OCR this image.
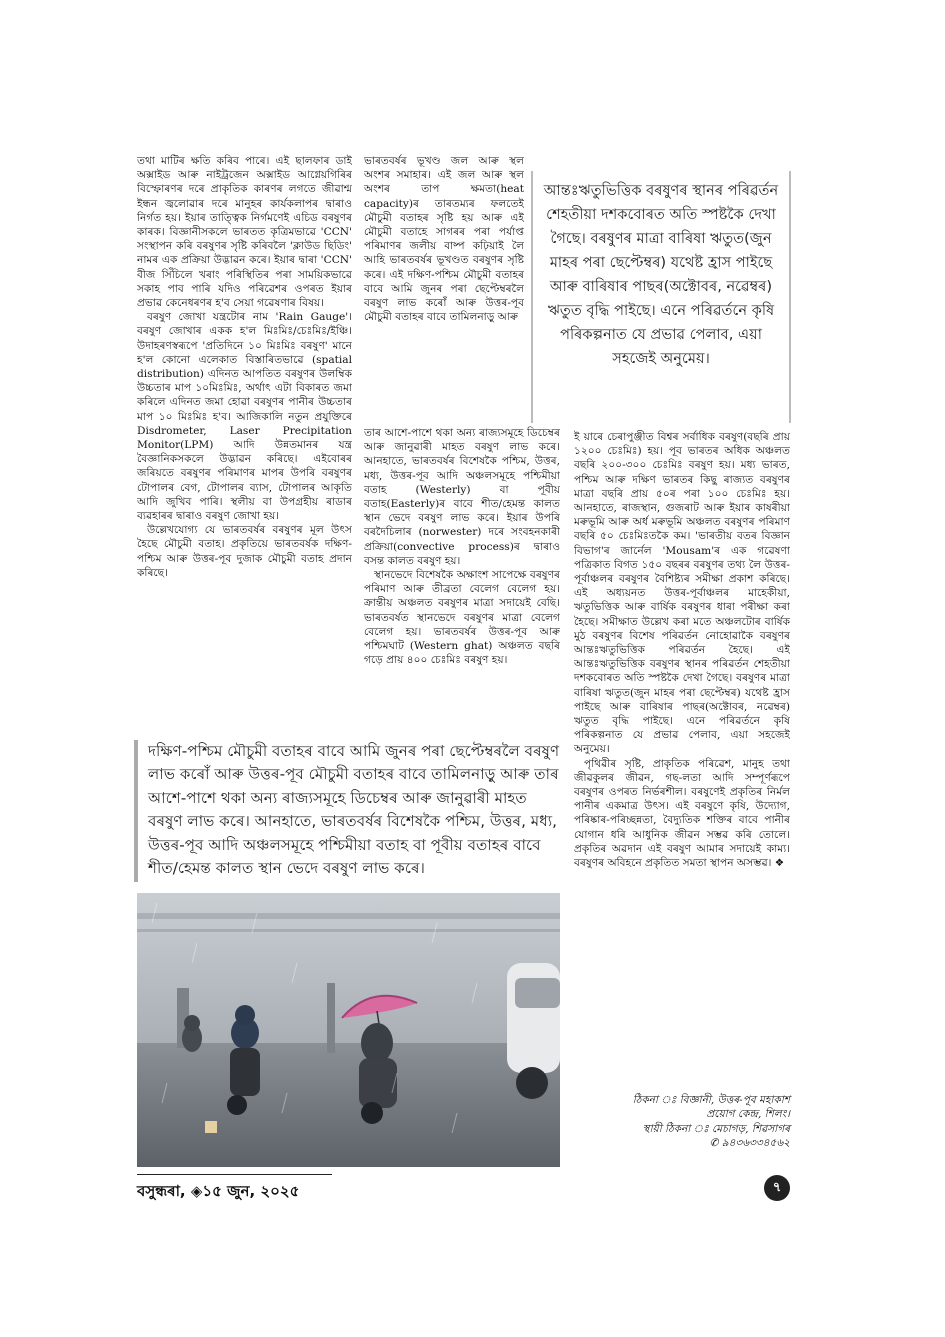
তথা মাটিৰ ক্ষতি কৰিব পাৰে। এই ছালফাৰ ডাই অক্সাইড আৰু নাইট্ৰজেন অক্সাইড আগ্নেয়গিৰিৰ বিস্ফোৰণৰ দৰে প্ৰাকৃতিক কাৰণৰ লগতে জীৱাশ্ম ইন্ধন জ্বলোৱাৰ দৰে মানুহৰ কাৰ্যকলাপৰ দ্বাৰাও নিৰ্গত হয়। ইয়াৰ তাত্ত্বিক নিৰ্গমণেই এচিড বৰষুণৰ কাৰক। বিজ্ঞানীসকলে ভাৰতত কৃত্ৰিমভাৱে 'CCN' সংস্থাপন কৰি বৰষুণৰ সৃষ্টি কৰিবলৈ 'ক্লাউড ছিডিং' নামৰ এক প্ৰক্ৰিয়া উদ্ভাৱন কৰে। ইয়াৰ দ্বাৰা 'CCN' বীজ সিঁচিলে খৰাং পৰিস্থিতিৰ পৰা সাময়িকভাৱে সকাহ পাব পাৰি যদিও পৰিৱেশৰ ওপৰত ইয়াৰ প্ৰভাৱ কেনেধৰণৰ হ'ব সেয়া গৱেষণাৰ বিষয়।

বৰষুণ জোখা যন্ত্ৰটোৰ নাম 'Rain Gauge'। বৰষুণ জোখাৰ একক হ'ল মিঃমিঃ/চেঃমিঃ/ইঞ্চি। উদাহৰণস্বৰূপে 'প্ৰতিদিনে ১০ মিঃমিঃ বৰষুণ' মানে হ'ল কোনো এলেকাত বিস্তাৰিতভাৱে (spatial distribution) এদিনত আপতিত বৰষুণৰ উলম্বিক উচ্চতাৰ মাপ ১০মিঃমিঃ, অৰ্থাৎ এটা বিকাৰত জমা কৰিলে এদিনত জমা হোৱা বৰষুণৰ পানীৰ উচ্চতাৰ মাপ ১০ মিঃমিঃ হ'ব। আজিকালি নতুন প্ৰযুক্তিৰে Disdrometer, Laser Precipitation Monitor(LPM) আদি উন্নতমানৰ যন্ত্ৰ বৈজ্ঞানিকসকলে উদ্ভাৱন কৰিছে। এইবোৰৰ জৰিয়তে বৰষুণৰ পৰিমাণৰ মাপৰ উপৰি বৰষুণৰ টোপালৰ বেগ, টোপালৰ ব্যাস, টোপালৰ আকৃতি আদি জুখিব পাৰি। স্থলীয় বা উপগ্ৰহীয় ৰাডাৰ ব্যৱহাৰৰ দ্বাৰাও বৰষুণ জোখা হয়।

উল্লেখযোগ্য যে ভাৰতবৰ্ষৰ বৰষুণৰ মূল উৎস হৈছে মৌচুমী বতাহ। প্ৰকৃতিয়ে ভাৰতবৰ্ষক দক্ষিণ-পশ্চিম আৰু উত্তৰ-পূব দুজাক মৌচুমী বতাহ প্ৰদান কৰিছে।

ভাৰতবৰ্ষৰ ভূখণ্ড জল আৰু স্থল অংশৰ সমাহাৰ। এই জল আৰু স্থল অংশৰ তাপ ক্ষমতা(heat capacity)ৰ তাৰতম্যৰ ফলতেই মৌচুমী বতাহৰ সৃষ্টি হয় আৰু এই মৌচুমী বতাহে সাগৰৰ পৰা পৰ্যাপ্ত পৰিমাণৰ জলীয় বাষ্প কঢ়িয়াই লৈ আহি ভাৰতবৰ্ষৰ ভূখণ্ডত বৰষুণৰ সৃষ্টি কৰে। এই দক্ষিণ-পশ্চিম মৌচুমী বতাহৰ বাবে আমি জুনৰ পৰা ছেপ্টেম্বৰলৈ বৰষুণ লাভ কৰোঁ আৰু উত্তৰ-পূব মৌচুমী বতাহৰ বাবে তামিলনাড়ু আৰু

তাৰ আশে-পাশে থকা অন্য ৰাজ্যসমূহে ডিচেম্বৰ আৰু জানুৱাৰী মাহত বৰষুণ লাভ কৰে। আনহাতে, ভাৰতবৰ্ষৰ বিশেষকৈ পশ্চিম, উত্তৰ, মধ্য, উত্তৰ-পূব আদি অঞ্চলসমূহে পশ্চিমীয়া বতাহ (Westerly) বা পূবীয় বতাহ(Easterly)ৰ বাবে শীত/হেমন্ত কালত স্থান ভেদে বৰষুণ লাভ কৰে। ইয়াৰ উপৰি বৰদৈচিলাৰ (norwester) দৰে সংবহনকাৰী প্ৰক্ৰিয়া(convective process)ৰ দ্বাৰাও বসন্ত কালত বৰষুণ হয়।

স্থানভেদে বিশেষকৈ অক্ষাংশ সাপেক্ষে বৰষুণৰ পৰিমাণ আৰু তীব্ৰতা বেলেগ বেলেগ হয়। ক্ৰান্তীয় অঞ্চলত বৰষুণৰ মাত্ৰা সদায়েই বেছি। ভাৰতবৰ্ষত স্থানভেদে বৰষুণৰ মাত্ৰা বেলেগ বেলেগ হয়। ভাৰতবৰ্ষৰ উত্তৰ-পূব আৰু পশ্চিমঘাট (Western ghat) অঞ্চলত বছৰি গড়ে প্ৰায় ৪০০ চেঃমিঃ বৰষুণ হয়।

আন্তঃঋতুভিত্তিক বৰষুণৰ স্থানৰ পৰিৱৰ্তন শেহতীয়া দশকবোৰত অতি স্পষ্টকৈ দেখা গৈছে। বৰষুণৰ মাত্ৰা বাৰিষা ঋতুত(জুন মাহৰ পৰা ছেপ্টেম্বৰ) যথেষ্ট হ্ৰাস পাইছে আৰু বাৰিষাৰ পাছৰ(অক্টোবৰ, নৱেম্বৰ) ঋতুত বৃদ্ধি পাইছে। এনে পৰিৱৰ্তনে কৃষি পৰিকল্পনাত যে প্ৰভাৱ পেলাব, এয়া সহজেই অনুমেয়।

ই য়াৰে চেৰাপুঞ্জীত বিশ্বৰ সৰ্বাধিক বৰষুণ(বছৰি প্ৰায় ১২০০ চেঃমিঃ) হয়। পূব ভাৰতৰ অধিক অঞ্চলত বছৰি ২০০-৩০০ চেঃমিঃ বৰষুণ হয়। মধ্য ভাৰত, পশ্চিম আৰু দক্ষিণ ভাৰতৰ কিছু ৰাজ্যত বৰষুণৰ মাত্ৰা বছৰি প্ৰায় ৫০ৰ পৰা ১০০ চেঃমিঃ হয়। আনহাতে, ৰাজস্থান, গুজৰাট আৰু ইয়াৰ কাষৰীয়া মৰুভূমি আৰু অৰ্ধ মৰুভূমি অঞ্চলত বৰষুণৰ পৰিমাণ বছৰি ৫০ চেঃমিঃতকৈ কম। 'ভাৰতীয় বতৰ বিজ্ঞান বিভাগ'ৰ জাৰ্নেল 'Mousam'ৰ এক গৱেষণা পত্ৰিকাত বিগত ১৫০ বছৰৰ বৰষুণৰ তথ্য লৈ উত্তৰ-পূৰ্বাঞ্চলৰ বৰষুণৰ বৈশিষ্ট্যৰ সমীক্ষা প্ৰকাশ কৰিছে। এই অধ্যয়নত উত্তৰ-পূৰ্বাঞ্চলৰ মাহেকীয়া, ঋতুভিত্তিক আৰু বাৰ্ষিক বৰষুণৰ ধাৰা পৰীক্ষা কৰা হৈছে। সমীক্ষাত উল্লেখ কৰা মতে অঞ্চলটোৰ বাৰ্ষিক মুঠ বৰষুণৰ বিশেষ পৰিৱৰ্তন নোহোৱাকৈ বৰষুণৰ আন্তঃঋতুভিত্তিক পৰিৱৰ্তন হৈছে। এই আন্তঃঋতুভিত্তিক বৰষুণৰ স্থানৰ পৰিৱৰ্তন শেহতীয়া দশকবোৰত অতি স্পষ্টকৈ দেখা গৈছে। বৰষুণৰ মাত্ৰা বাৰিষা ঋতুত(জুন মাহৰ পৰা ছেপ্টেম্বৰ) যথেষ্ট হ্ৰাস পাইছে আৰু বাৰিষাৰ পাছৰ(অক্টোবৰ, নৱেম্বৰ) ঋতুত বৃদ্ধি পাইছে। এনে পৰিৱৰ্তনে কৃষি পৰিকল্পনাত যে প্ৰভাৱ পেলাব, এয়া সহজেই অনুমেয়।

পৃথিৱীৰ সৃষ্টি, প্ৰাকৃতিক পৰিৱেশ, মানুহ তথা জীৱকুলৰ জীৱন, গছ-লতা আদি সম্পূৰ্ণৰূপে বৰষুণৰ ওপৰত নিৰ্ভৰশীল। বৰষুণেই প্ৰকৃতিৰ নিৰ্মল পানীৰ একমাত্ৰ উৎস। এই বৰষুণে কৃষি, উদ্যোগ, পৰিষ্কাৰ-পৰিচ্ছন্নতা, বৈদ্যুতিক শক্তিৰ বাবে পানীৰ যোগান ধৰি আধুনিক জীৱন সম্ভৱ কৰি তোলে। প্ৰকৃতিৰ অৱদান এই বৰষুণ আমাৰ সদায়েই কাম্য। বৰষুণৰ অবিহনে প্ৰকৃতিত সমতা স্থাপন অসম্ভৱ। ❖

দক্ষিণ-পশ্চিম মৌচুমী বতাহৰ বাবে আমি জুনৰ পৰা ছেপ্টেম্বৰলৈ বৰষুণ লাভ কৰোঁ আৰু উত্তৰ-পূব মৌচুমী বতাহৰ বাবে তামিলনাড়ু আৰু তাৰ আশে-পাশে থকা অন্য ৰাজ্যসমূহে ডিচেম্বৰ আৰু জানুৱাৰী মাহত বৰষুণ লাভ কৰে। আনহাতে, ভাৰতবৰ্ষৰ বিশেষকৈ পশ্চিম, উত্তৰ, মধ্য, উত্তৰ-পূব আদি অঞ্চলসমূহে পশ্চিমীয়া বতাহ বা পূবীয় বতাহৰ বাবে শীত/হেমন্ত কালত স্থান ভেদে বৰষুণ লাভ কৰে।
ঠিকনা ঃ বিজ্ঞানী, উত্তৰ-পূব মহাকাশ
প্ৰয়োগ কেন্দ্ৰ, শিলং।
স্থায়ী ঠিকনা ঃ মেচাগড়, শিৱসাগৰ
✆ ৯৪৩৬৩৩৪৫৬২
বসুন্ধৰা, ◈১৫ জুন, ২০২৫	৭
